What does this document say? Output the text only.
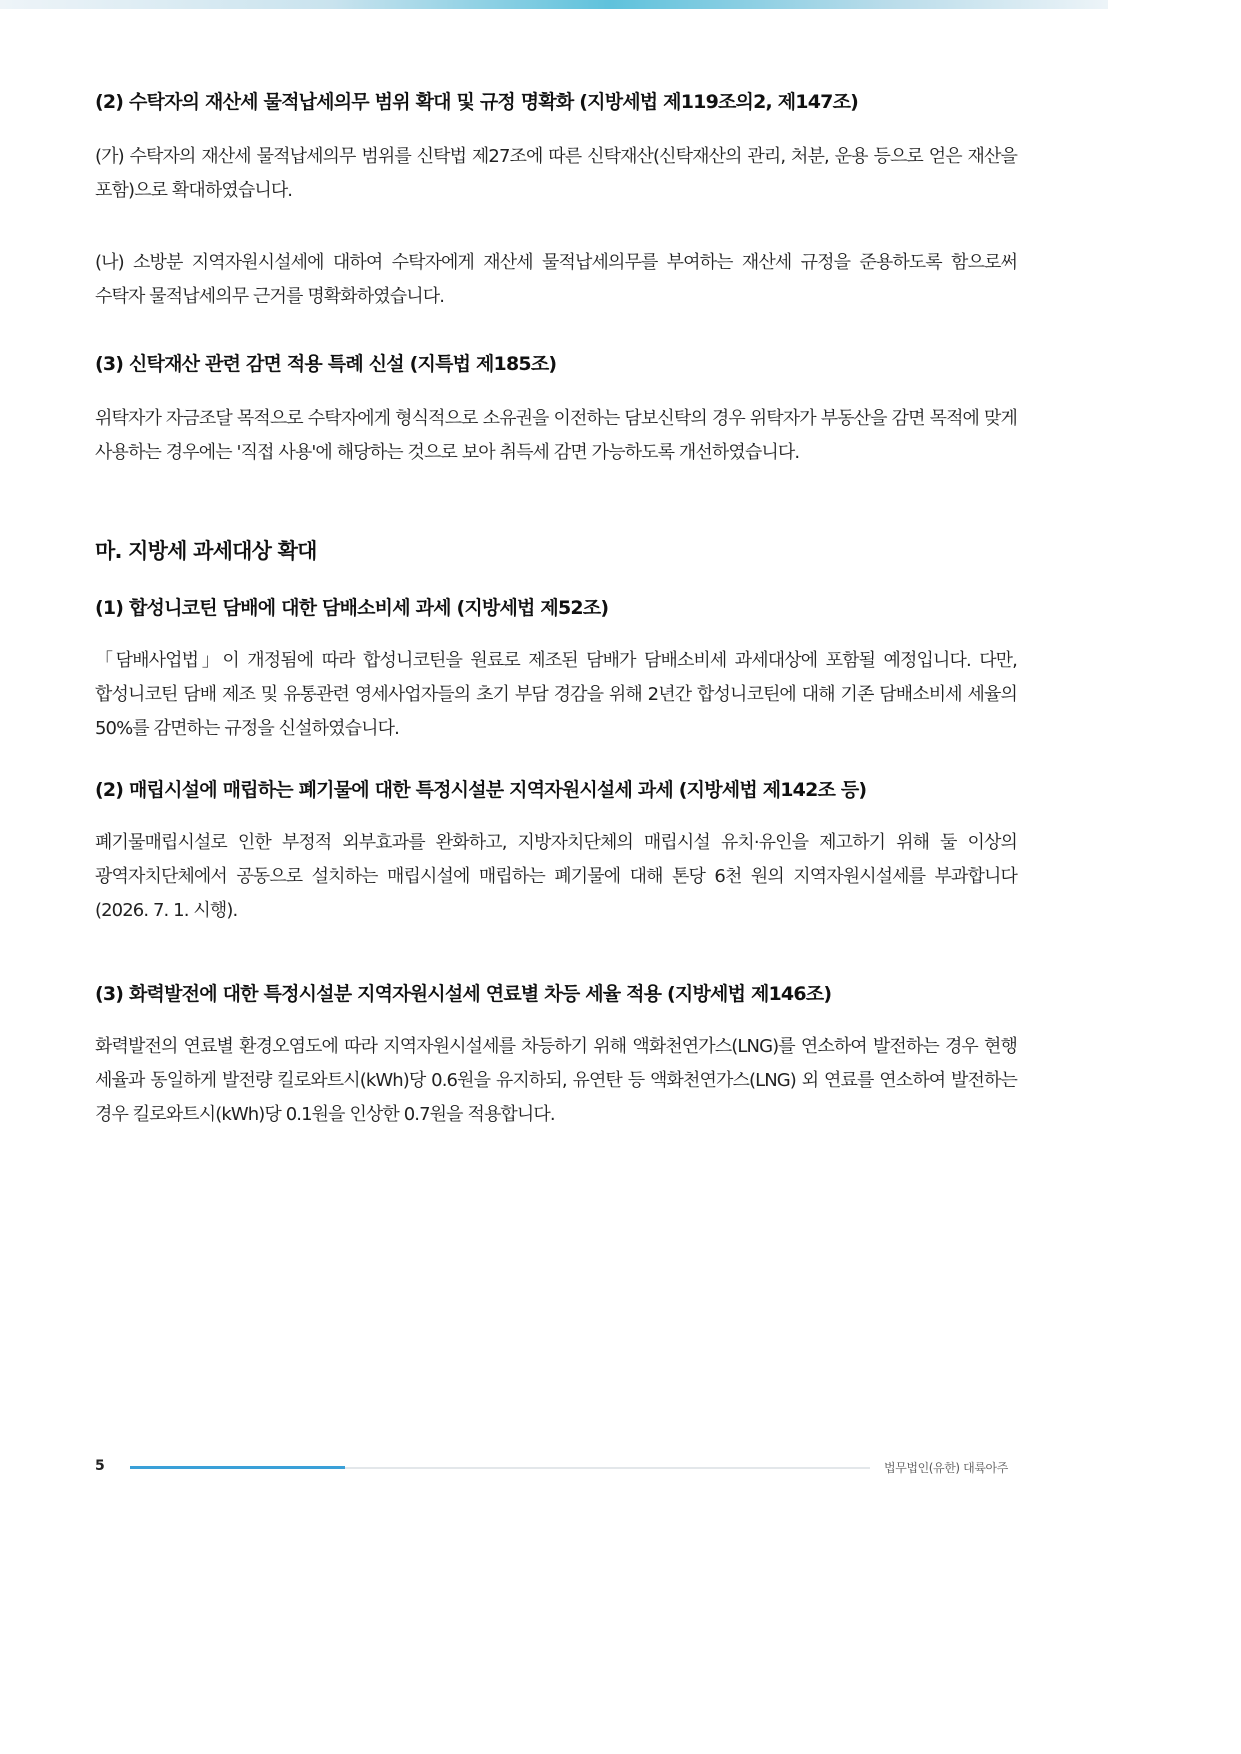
(2) 수탁자의 재산세 물적납세의무 범위 확대 및 규정 명확화 (지방세법 제119조의2, 제147조)

(가) 수탁자의 재산세 물적납세의무 범위를 신탁법 제27조에 따른 신탁재산(신탁재산의 관리, 처분, 운용 등으로 얻은 재산을 포함)으로 확대하였습니다.

(나) 소방분 지역자원시설세에 대하여 수탁자에게 재산세 물적납세의무를 부여하는 재산세 규정을 준용하도록 함으로써 수탁자 물적납세의무 근거를 명확화하였습니다.

(3) 신탁재산 관련 감면 적용 특례 신설 (지특법 제185조)

위탁자가 자금조달 목적으로 수탁자에게 형식적으로 소유권을 이전하는 담보신탁의 경우 위탁자가 부동산을 감면 목적에 맞게 사용하는 경우에는 '직접 사용'에 해당하는 것으로 보아 취득세 감면 가능하도록 개선하였습니다.

마. 지방세 과세대상 확대
(1) 합성니코틴 담배에 대한 담배소비세 과세 (지방세법 제52조)

「담배사업법」이 개정됨에 따라 합성니코틴을 원료로 제조된 담배가 담배소비세 과세대상에 포함될 예정입니다. 다만, 합성니코틴 담배 제조 및 유통관련 영세사업자들의 초기 부담 경감을 위해 2년간 합성니코틴에 대해 기존 담배소비세 세율의 50%를 감면하는 규정을 신설하였습니다.

(2) 매립시설에 매립하는 폐기물에 대한 특정시설분 지역자원시설세 과세 (지방세법 제142조 등)

폐기물매립시설로 인한 부정적 외부효과를 완화하고, 지방자치단체의 매립시설 유치·유인을 제고하기 위해 둘 이상의 광역자치단체에서 공동으로 설치하는 매립시설에 매립하는 폐기물에 대해 톤당 6천 원의 지역자원시설세를 부과합니다(2026. 7. 1. 시행).

(3) 화력발전에 대한 특정시설분 지역자원시설세 연료별 차등 세율 적용 (지방세법 제146조)

화력발전의 연료별 환경오염도에 따라 지역자원시설세를 차등하기 위해 액화천연가스(LNG)를 연소하여 발전하는 경우 현행 세율과 동일하게 발전량 킬로와트시(kWh)당 0.6원을 유지하되, 유연탄 등 액화천연가스(LNG) 외 연료를 연소하여 발전하는 경우 킬로와트시(kWh)당 0.1원을 인상한 0.7원을 적용합니다.

5	법무법인(유한) 대륙아주
